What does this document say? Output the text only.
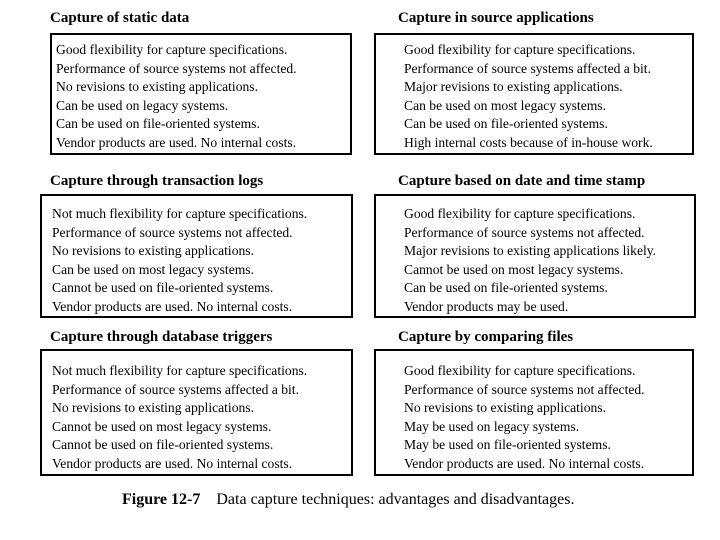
Capture of static data
Good flexibility for capture specifications.
Performance of source systems not affected.
No revisions to existing applications.
Can be used on legacy systems.
Can be used on file-oriented systems.
Vendor products are used. No internal costs.
Capture in source applications
Good flexibility for capture specifications.
Performance of source systems affected a bit.
Major revisions to existing applications.
Can be used on most legacy systems.
Can be used on file-oriented systems.
High internal costs because of in-house work.
Capture through transaction logs
Not much flexibility for capture specifications.
Performance of source systems not affected.
No revisions to existing applications.
Can be used on most legacy systems.
Cannot be used on file-oriented systems.
Vendor products are used. No internal costs.
Capture based on date and time stamp
Good flexibility for capture specifications.
Performance of source systems not affected.
Major revisions to existing applications likely.
Cannot be used on most legacy systems.
Can be used on file-oriented systems.
Vendor products may be used.
Capture through database triggers
Not much flexibility for capture specifications.
Performance of source systems affected a bit.
No revisions to existing applications.
Cannot be used on most legacy systems.
Cannot be used on file-oriented systems.
Vendor products are used. No internal costs.
Capture by comparing files
Good flexibility for capture specifications.
Performance of source systems not affected.
No revisions to existing applications.
May be used on legacy systems.
May be used on file-oriented systems.
Vendor products are used. No internal costs.
Figure 12-7 Data capture techniques: advantages and disadvantages.
